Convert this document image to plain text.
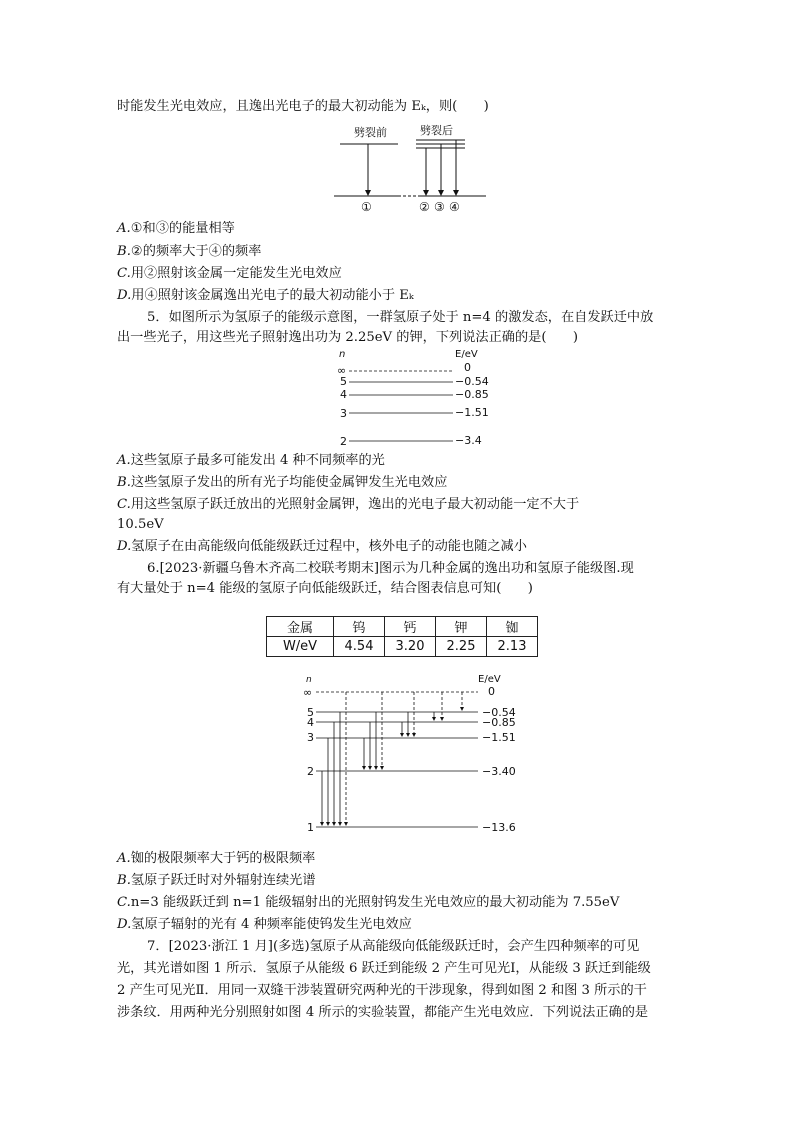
时能发生光电效应，且逸出光电子的最大初动能为 Eₖ，则(　　)
劈裂前	劈裂后
①	② ③ ④
A.①和③的能量相等
B.②的频率大于④的频率
C.用②照射该金属一定能发生光电效应
D.用④照射该金属逸出光电子的最大初动能小于 Eₖ
5．如图所示为氢原子的能级示意图，一群氢原子处于 n=4 的激发态，在自发跃迁中放
出一些光子，用这些光子照射逸出功为 2.25eV 的钾，下列说法正确的是(　　)
n	E/eV
∞	0
5	−0.54
4	−0.85
3	−1.51
2	−3.4
A.这些氢原子最多可能发出 4 种不同频率的光
B.这些氢原子发出的所有光子均能使金属钾发生光电效应
C.用这些氢原子跃迁放出的光照射金属钾，逸出的光电子最大初动能一定不大于
10.5eV
D.氢原子在由高能级向低能级跃迁过程中，核外电子的动能也随之减小
6.[2023·新疆乌鲁木齐高二校联考期末]图示为几种金属的逸出功和氢原子能级图.现
有大量处于 n=4 能级的氢原子向低能级跃迁，结合图表信息可知(　　)
金属	钨	钙	钾	铷
W/eV	4.54	3.20	2.25	2.13
n	E/eV
∞	0
5	−0.54
4	−0.85
3	−1.51
2	−3.40
1	−13.6
A.铷的极限频率大于钙的极限频率
B.氢原子跃迁时对外辐射连续光谱
C.n=3 能级跃迁到 n=1 能级辐射出的光照射钨发生光电效应的最大初动能为 7.55eV
D.氢原子辐射的光有 4 种频率能使钨发生光电效应
7．[2023·浙江 1 月](多选)氢原子从高能级向低能级跃迁时，会产生四种频率的可见
光，其光谱如图 1 所示．氢原子从能级 6 跃迁到能级 2 产生可见光Ⅰ，从能级 3 跃迁到能级
2 产生可见光Ⅱ．用同一双缝干涉装置研究两种光的干涉现象，得到如图 2 和图 3 所示的干
涉条纹．用两种光分别照射如图 4 所示的实验装置，都能产生光电效应．下列说法正确的是
